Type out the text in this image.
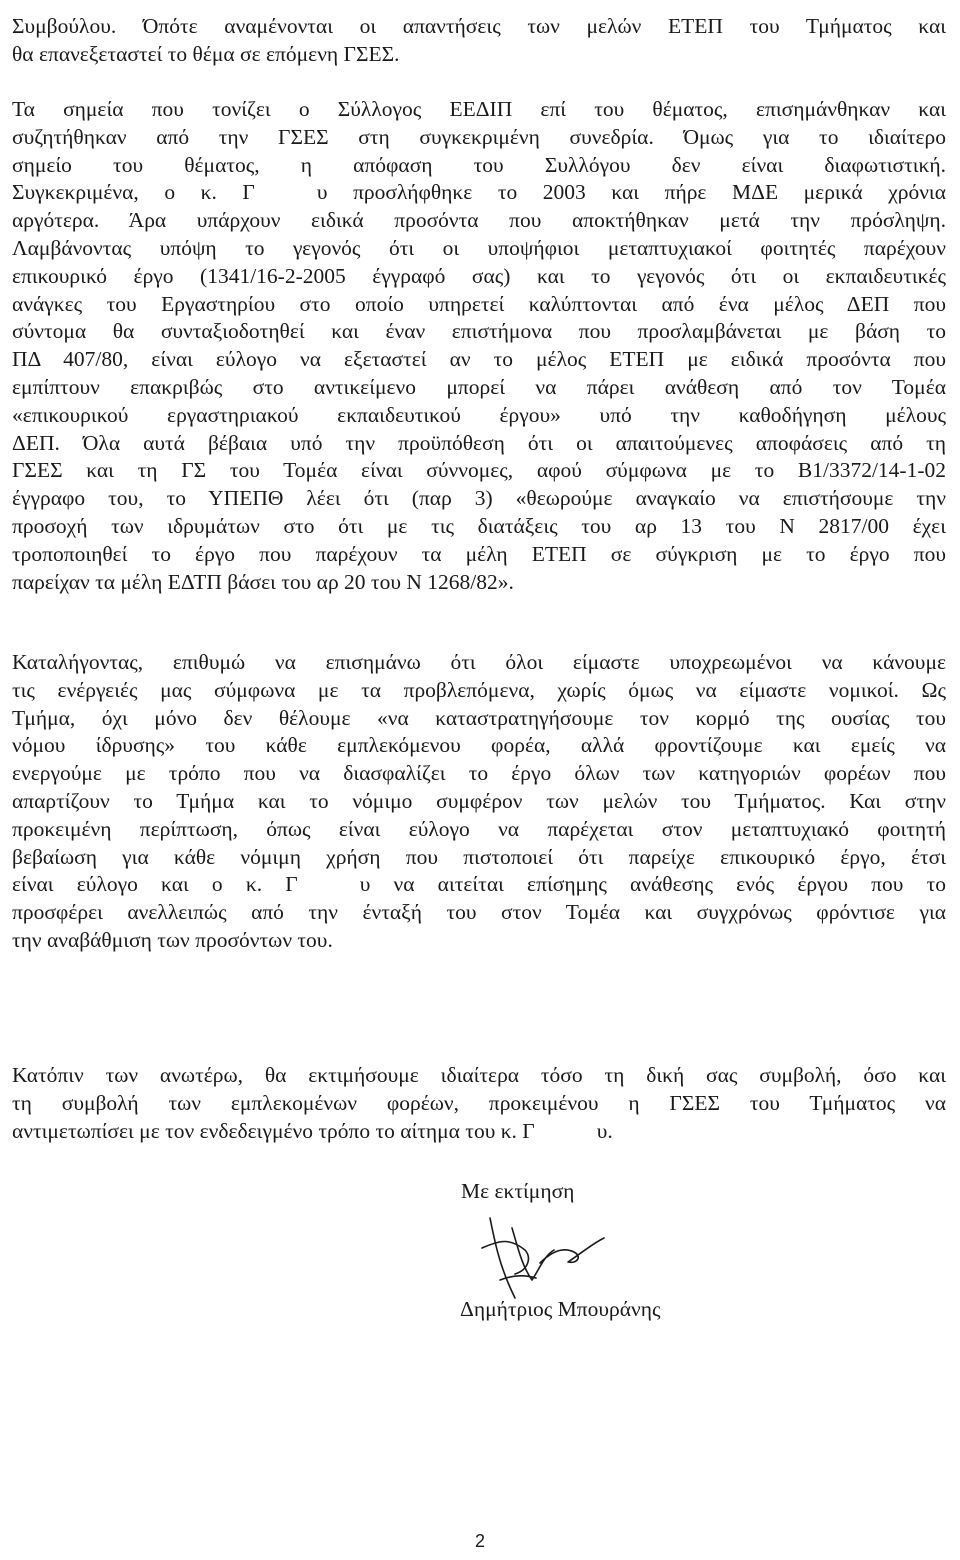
Συμβούλου. Όπότε αναμένονται οι απαντήσεις των μελών ΕΤΕΠ του Τμήματος και
θα επανεξεταστεί το θέμα σε επόμενη ΓΣΕΣ.
Τα σημεία που τονίζει ο Σύλλογος ΕΕΔΙΠ επί του θέματος, επισημάνθηκαν και
συζητήθηκαν από την ΓΣΕΣ στη συγκεκριμένη συνεδρία. Όμως για το ιδιαίτερο
σημείο του θέματος, η απόφαση του Συλλόγου δεν είναι διαφωτιστική.
Συγκεκριμένα, ο κ. Γ	υ προσλήφθηκε το 2003 και πήρε ΜΔΕ μερικά χρόνια
αργότερα. Άρα υπάρχουν ειδικά προσόντα που αποκτήθηκαν μετά την πρόσληψη.
Λαμβάνοντας υπόψη το γεγονός ότι οι υποψήφιοι μεταπτυχιακοί φοιτητές παρέχουν
επικουρικό έργο (1341/16-2-2005 έγγραφό σας) και το γεγονός ότι οι εκπαιδευτικές
ανάγκες του Εργαστηρίου στο οποίο υπηρετεί καλύπτονται από ένα μέλος ΔΕΠ που
σύντομα θα συνταξιοδοτηθεί και έναν επιστήμονα που προσλαμβάνεται με βάση το
ΠΔ 407/80, είναι εύλογο να εξεταστεί αν το μέλος ΕΤΕΠ με ειδικά προσόντα που
εμπίπτουν επακριβώς στο αντικείμενο μπορεί να πάρει ανάθεση από τον Τομέα
«επικουρικού εργαστηριακού εκπαιδευτικού έργου» υπό την καθοδήγηση μέλους
ΔΕΠ. Όλα αυτά βέβαια υπό την προϋπόθεση ότι οι απαιτούμενες αποφάσεις από τη
ΓΣΕΣ και τη ΓΣ του Τομέα είναι σύννομες, αφού σύμφωνα με το Β1/3372/14-1-02
έγγραφο του, το ΥΠΕΠΘ λέει ότι (παρ 3) «θεωρούμε αναγκαίο να επιστήσουμε την
προσοχή των ιδρυμάτων στο ότι με τις διατάξεις του αρ 13 του Ν 2817/00 έχει
τροποποιηθεί το έργο που παρέχουν τα μέλη ΕΤΕΠ σε σύγκριση με το έργο που
παρείχαν τα μέλη ΕΔΤΠ βάσει του αρ 20 του Ν 1268/82».
Καταλήγοντας, επιθυμώ να επισημάνω ότι όλοι είμαστε υποχρεωμένοι να κάνουμε
τις ενέργειές μας σύμφωνα με τα προβλεπόμενα, χωρίς όμως να είμαστε νομικοί. Ως
Τμήμα, όχι μόνο δεν θέλουμε «να καταστρατηγήσουμε τον κορμό της ουσίας του
νόμου ίδρυσης» του κάθε εμπλεκόμενου φορέα, αλλά φροντίζουμε και εμείς να
ενεργούμε με τρόπο που να διασφαλίζει το έργο όλων των κατηγοριών φορέων που
απαρτίζουν το Τμήμα και το νόμιμο συμφέρον των μελών του Τμήματος. Και στην
προκειμένη περίπτωση, όπως είναι εύλογο να παρέχεται στον μεταπτυχιακό φοιτητή
βεβαίωση για κάθε νόμιμη χρήση που πιστοποιεί ότι παρείχε επικουρικό έργο, έτσι
είναι εύλογο και ο κ. Γ	υ να αιτείται επίσημης ανάθεσης ενός έργου που το
προσφέρει ανελλειπώς από την ένταξή του στον Τομέα και συγχρόνως φρόντισε για
την αναβάθμιση των προσόντων του.
Κατόπιν των ανωτέρω, θα εκτιμήσουμε ιδιαίτερα τόσο τη δική σας συμβολή, όσο και
τη συμβολή των εμπλεκομένων φορέων, προκειμένου η ΓΣΕΣ του Τμήματος να
αντιμετωπίσει με τον ενδεδειγμένο τρόπο το αίτημα του κ. Γ	υ.
Με εκτίμηση
Δημήτριος Μπουράνης
2
